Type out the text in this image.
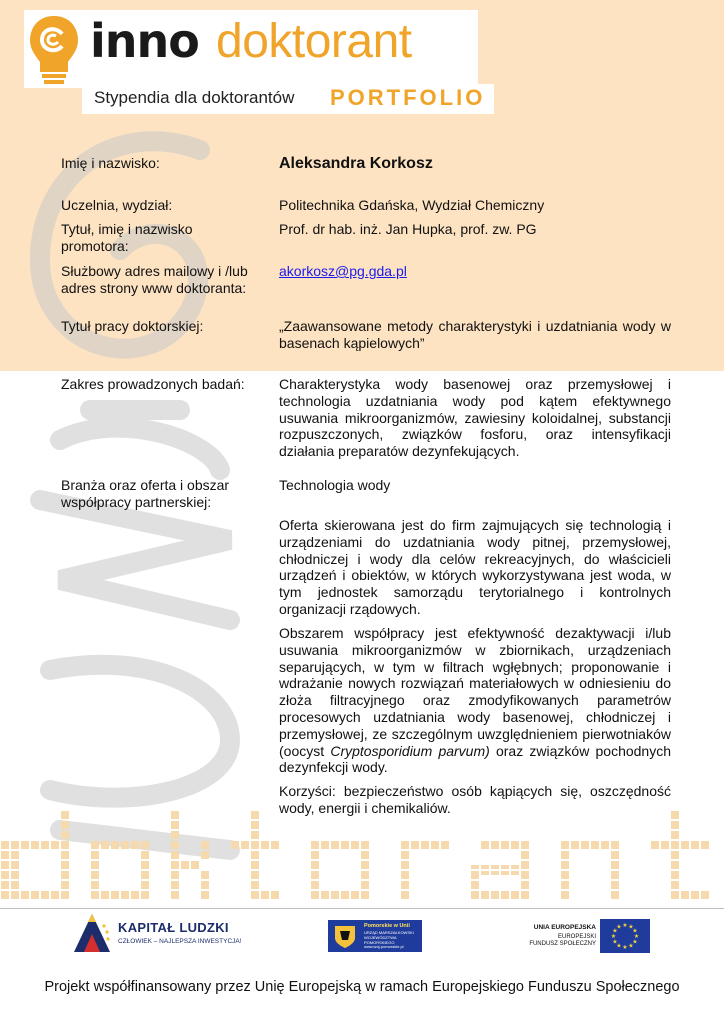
inno doktorant
Stypendia dla doktorantów PORTFOLIO
Imię i nazwisko:	Aleksandra Korkosz
Uczelnia, wydział:	Politechnika Gdańska, Wydział Chemiczny
Tytuł, imię i nazwisko promotora:
Prof. dr hab. inż. Jan Hupka, prof. zw. PG
Służbowy adres mailowy i /lub adres strony www doktoranta:
akorkosz@pg.gda.pl
Tytuł pracy doktorskiej:	„Zaawansowane metody charakterystyki i uzdatniania wody w basenach kąpielowych”
Zakres prowadzonych badań:	Charakterystyka wody basenowej oraz przemysłowej i technologia uzdatniania wody pod kątem efektywnego usuwania mikroorganizmów, zawiesiny koloidalnej, substancji rozpuszczonych, związków fosforu, oraz intensyfikacji działania preparatów dezynfekujących.
Branża oraz oferta i obszar współpracy partnerskiej:
Technologia wody
Oferta skierowana jest do firm zajmujących się technologią i urządzeniami do uzdatniania wody pitnej, przemysłowej, chłodniczej i wody dla celów rekreacyjnych, do właścicieli urządzeń i obiektów, w których wykorzystywana jest woda, w tym jednostek samorządu terytorialnego i kontrolnych organizacji rządowych.
Obszarem współpracy jest efektywność dezaktywacji i/lub usuwania mikroorganizmów w zbiornikach, urządzeniach separujących, w tym w filtrach wgłębnych; proponowanie i wdrażanie nowych rozwiązań materiałowych w odniesieniu do złoża filtracyjnego oraz zmodyfikowanych parametrów procesowych uzdatniania wody basenowej, chłodniczej i przemysłowej, ze szczególnym uwzględnieniem pierwotniaków (oocyst Cryptosporidium parvum) oraz związków pochodnych dezynfekcji wody.
Korzyści: bezpieczeństwo osób kąpiących się, oszczędność wody, energii i chemikaliów.
KAPITAŁ LUDZKI
CZŁOWIEK – NAJLEPSZA INWESTYCJA!
Pomorskie w Unii
URZĄD MARSZAŁKOWSKI WOJEWÓDZTWA POMORSKIEGO
www.woj-pomorskie.pl
UNIA EUROPEJSKA
EUROPEJSKI
FUNDUSZ SPOŁECZNY
★ ★
★
★
★
★
★
★
★
★
★
★
Projekt współfinansowany przez Unię Europejską w ramach Europejskiego Funduszu Społecznego
